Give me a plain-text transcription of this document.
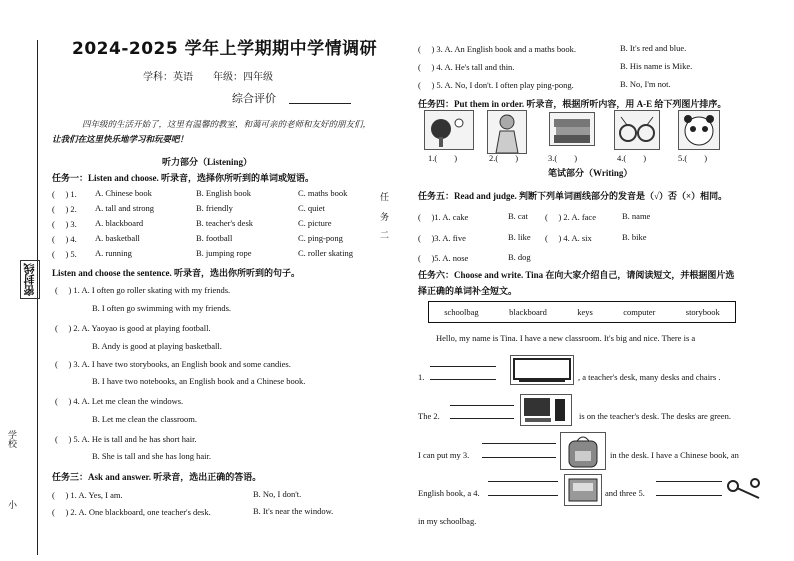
密封线
学校
小
2024-2025 学年上学期期中学情调研
学科：英语　　年级：四年级
综合评价
四年级的生活开始了，这里有温馨的教室，和蔼可亲的老师和友好的朋友们，
让我们在这里快乐地学习和玩耍吧！
听力部分（Listening）
任务一：Listen and choose. 听录音，选择你所听到的单词或短语。
(　 ) 1. A. Chinese book	B. English book	C. maths book
(　 ) 2. A. tall and strong	B. friendly	C. quiet
(　 ) 3. A. blackboard	B. teacher's desk	C. picture
(　 ) 4. A. basketball	B. football	C. ping-pong
(　 ) 5. A. running	B. jumping rope	C. roller skating
Listen and choose the sentence. 听录音，选出你所听到的句子。
(　 ) 1. A. I often go roller skating with my friends.
B. I often go swimming with my friends.
(　 ) 2. A. Yaoyao is good at playing football.
B. Andy is good at playing basketball.
(　 ) 3. A. I have two storybooks, an English book and some candies.
B. I have two notebooks, an English book and a Chinese book.
(　 ) 4. A. Let me clean the windows.
B. Let me clean the classroom.
(　 ) 5. A. He is tall and he has short hair.
B. She is tall and she has long hair.
任务三：Ask and answer. 听录音，选出正确的答语。
(　 ) 1. A. Yes, I am.	B. No, I don't.
(　 ) 2. A. One blackboard, one teacher's desk.	B. It's near the window.
任
务
二
(　 ) 3. A. An English book and a maths book.	B. It's red and blue.
(　 ) 4. A. He's tall and thin.	B. His name is Mike.
(　 ) 5. A. No, I don't. I often play ping-pong.	B. No, I'm not.
任务四：Put them in order. 听录音，根据所听内容，用 A-E 给下列图片排序。
1.(　　)	2.(　　)	4.(　　)	5.(　　)
3.(　　)
笔试部分（Writing）
任务五：Read and judge. 判断下列单词画线部分的发音是（√）否（×）相同。
(　 )1. A. cake	B. cat (　 ) 2. A. face	B. name
(　 )3. A. five	B. like (　 ) 4. A. six	B. bike
(　 )5. A. nose	B. dog
任务六：Choose and write. Tina 在向大家介绍自己，请阅读短文，并根据图片选
择正确的单词补全短文。
schoolbag	blackboard	keys	computer	storybook
Hello, my name is Tina. I have a new classroom. It's big and nice. There is a
1.	, a teacher's desk, many desks and chairs .
The 2.	is on the teacher's desk. The desks are green.
I can put my 3.	in the desk. I have a Chinese book, an
English book, a 4.	and three 5.
in my schoolbag.
